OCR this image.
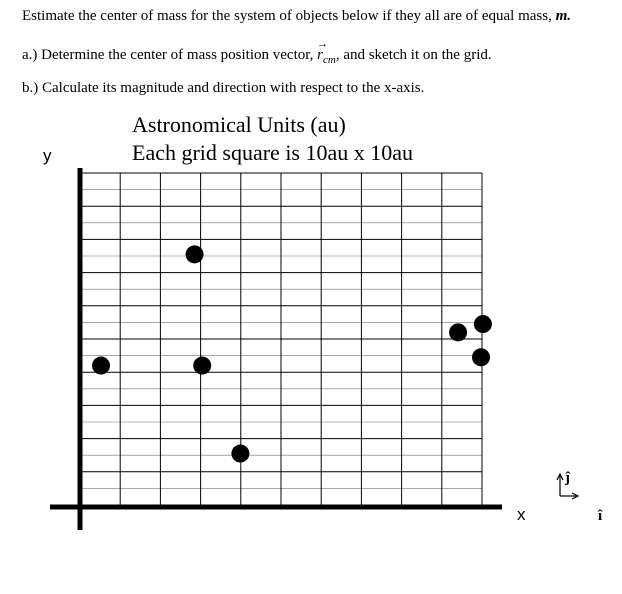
Estimate the center of mass for the system of objects below if they all are of equal mass, m.
a.) Determine the center of mass position vector,
→
$r_{cm}$, and sketch it on the grid.
b.) Calculate its magnitude and direction with respect to the x-axis.
Astronomical Units (au)
Each grid square is 10au x 10au
y
x
ĵ
î
